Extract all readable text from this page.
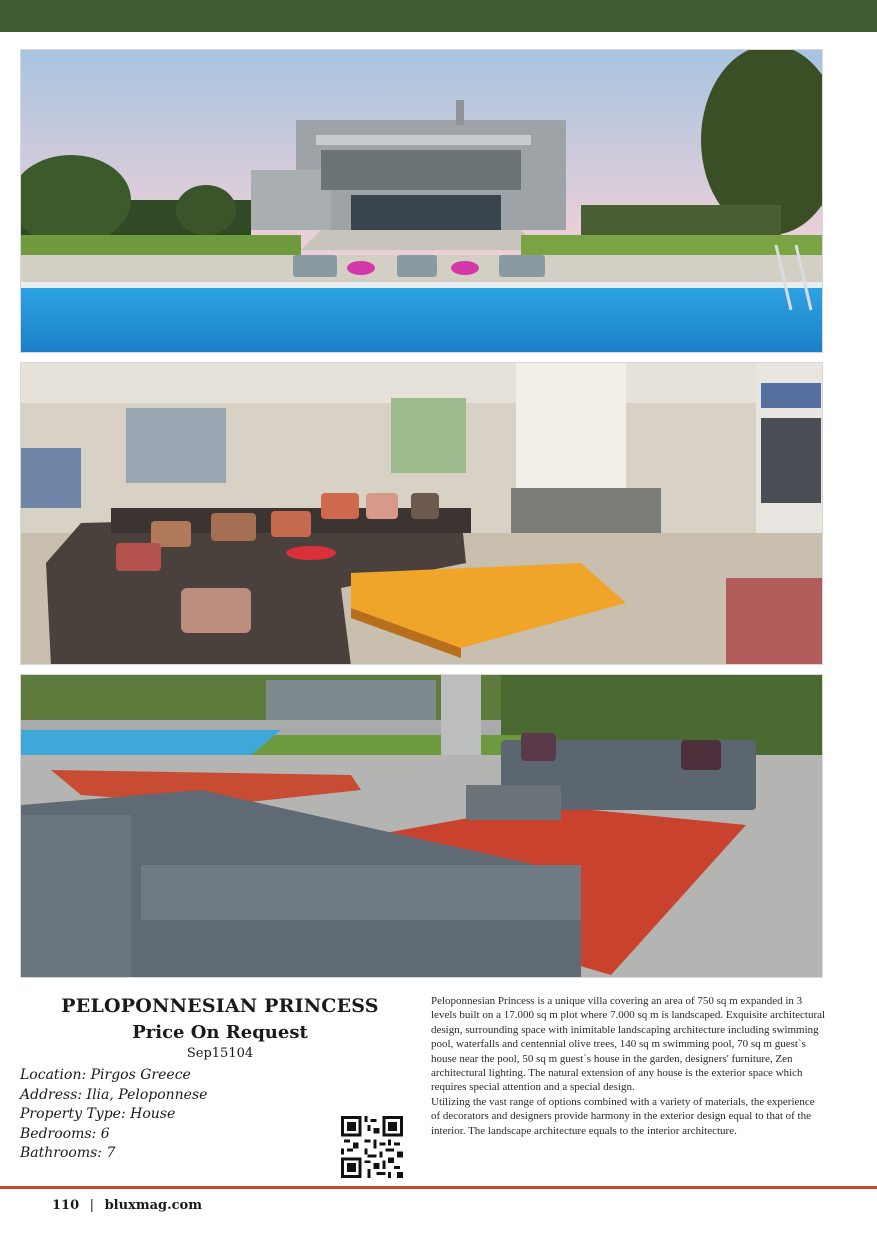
PELOPONNESIAN PRINCESS
Price On Request
Sep15104
Location: Pirgos Greece
Address: Ilia, Peloponnese
Property Type: House
Bedrooms: 6
Bathrooms: 7

Peloponnesian Princess is a unique villa covering an area of 750 sq m expanded in 3 levels built on a 17.000 sq m plot where 7.000 sq m is landscaped. Exquisite architectural design, surrounding space with inimitable landscaping architecture including swimming pool, waterfalls and centennial olive trees, 140 sq m swimming pool, 70 sq m guest`s house near the pool, 50 sq m guest`s house in the garden, designers' furniture, Zen architectural lighting. The natural extension of any house is the exterior space which requires special attention and a special design.

Utilizing the vast range of options combined with a variety of materials, the experience of decorators and designers provide harmony in the exterior design equal to that of the interior. The landscape architecture equals to the interior architecture.

110 | bluxmag.com
